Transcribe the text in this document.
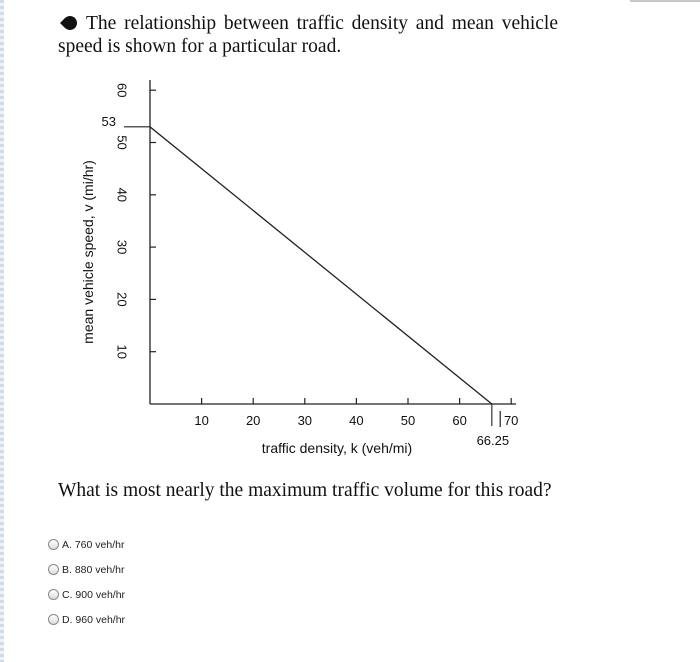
The relationship between traffic density and mean vehicle speed is shown for a particular road.
10
20
30
40
50
60
10	20	30	40	50	60	70
53
66.25
traffic density, k (veh/mi)
mean vehicle speed, v (mi/hr)
What is most nearly the maximum traffic volume for this road?
A. 760 veh/hr
B. 880 veh/hr
C. 900 veh/hr
D. 960 veh/hr
